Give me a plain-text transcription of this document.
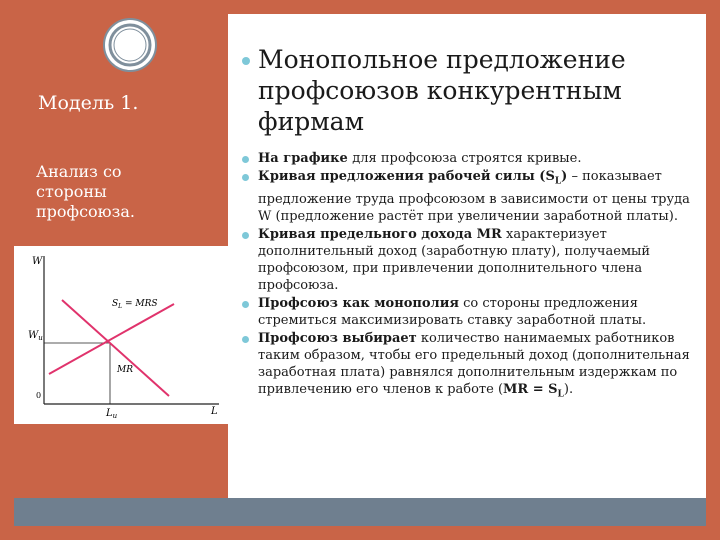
Модель 1.
Анализ со стороны профсоюза.
W
L
0
$W_u$
$L_u$
$S_L$ = MRS
MR
Монопольное предложение профсоюзов конкурентным фирмам
На графике для профсоюза строятся кривые.
Кривая предложения рабочей силы $(S_L)$ – показывает предложение труда профсоюзом в зависимости от цены труда W (предложение растёт при увеличении заработной платы).
Кривая предельного дохода MR характеризует дополнительный доход (заработную плату), получаемый профсоюзом, при привлечении дополнительного члена профсоюза.
Профсоюз как монополия со стороны предложения стремиться максимизировать ставку заработной платы.
Профсоюз выбирает количество нанимаемых работников таким образом, чтобы его предельный доход (дополнительная заработная плата) равнялся дополнительным издержкам по привлечению его членов к работе $(MR = S_L)$.
